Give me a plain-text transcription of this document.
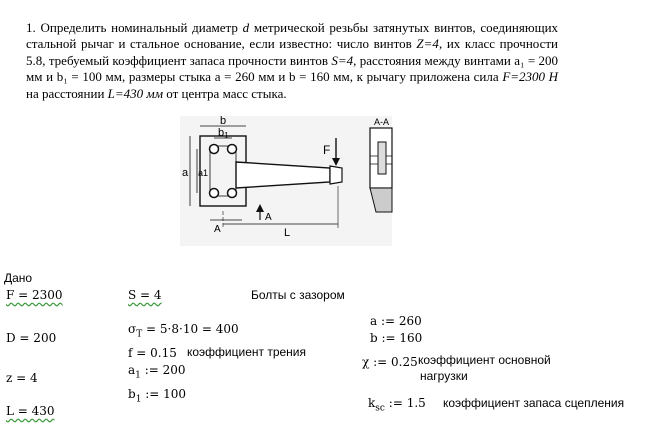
1. Определить номинальный диаметр d метрической резьбы затянутых винтов, соединяющих стальной рычаг и стальное основание, если известно: число винтов Z=4, их класс прочности 5.8, требуемый коэффициент запаса прочности винтов S=4, расстояния между винтами a₁ = 200 мм и b₁ = 100 мм, размеры стыка a = 260 мм и b = 160 мм, к рычагу приложена сила F=2300 Н на расстоянии L=430 мм от центра масс стыка.

b
b1
a a1
F
A
A
L
A-A
Дано
F = 2300
D = 200
z = 4
L = 430
S = 4
$\sigma_T = 5\cdot 8\cdot 10 = 400$
f = 0.15 коэффициент трения
$a_1$ := 200
$b_1$ := 100
Болты с зазором
a := 260
b := 160
χ := 0.25 коэффициент основной
нагрузки
$k_{sc}$ := 1.5 коэффициент запаса сцепления
